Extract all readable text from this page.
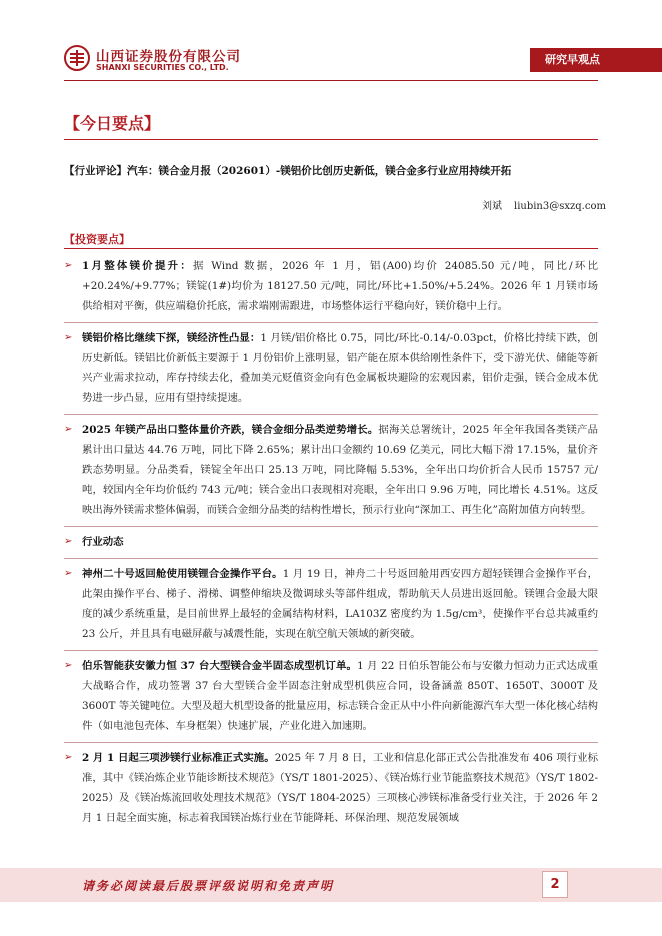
山西证券股份有限公司
SHANXI SECURITIES CO., LTD.
研究早观点
【今日要点】
【行业评论】汽车：镁合金月报（202601）-镁铝价比创历史新低，镁合金多行业应用持续开拓
刘斌 liubin3@sxzq.com
【投资要点】
➢ 1月整体镁价提升：据 Wind 数据，2026 年 1 月，铝(A00)均价 24085.50 元/吨，同比/环比+20.24%/+9.77%；镁锭(1#)均价为 18127.50 元/吨，同比/环比+1.50%/+5.24%。2026 年 1 月镁市场供给相对平衡，供应端稳价托底，需求端刚需跟进，市场整体运行平稳向好，镁价稳中上行。
➢ 镁铝价格比继续下探，镁经济性凸显：1 月镁/铝价格比 0.75，同比/环比-0.14/-0.03pct，价格比持续下跌，创历史新低。镁铝比价新低主要源于 1 月份铝价上涨明显，铝产能在原本供给刚性条件下，受下游光伏、储能等新兴产业需求拉动，库存持续去化，叠加美元贬值资金向有色金属板块避险的宏观因素，铝价走强，镁合金成本优势进一步凸显，应用有望持续提速。
➢ 2025 年镁产品出口整体量价齐跌，镁合金细分品类逆势增长。据海关总署统计，2025 年全年我国各类镁产品累计出口量达 44.76 万吨，同比下降 2.65%；累计出口金额约 10.69 亿美元，同比大幅下滑 17.15%，量价齐跌态势明显。分品类看，镁锭全年出口 25.13 万吨，同比降幅 5.53%，全年出口均价折合人民币 15757 元/吨，较国内全年均价低约 743 元/吨；镁合金出口表现相对亮眼，全年出口 9.96 万吨，同比增长 4.51%。这反映出海外镁需求整体偏弱，而镁合金细分品类的结构性增长，预示行业向“深加工、再生化”高附加值方向转型。
➢ 行业动态
➢ 神州二十号返回舱使用镁锂合金操作平台。1 月 19 日，神舟二十号返回舱用西安四方超轻镁锂合金操作平台，此架由操作平台、梯子、滑梯、调整伸缩块及微调球头等部件组成，帮助航天人员进出返回舱。镁锂合金最大限度的减少系统重量，是目前世界上最轻的金属结构材料，LA103Z 密度约为 1.5g/cm³，使操作平台总共减重约 23 公斤，并且具有电磁屏蔽与减震性能，实现在航空航天领域的新突破。
➢ 伯乐智能获安徽力恒 37 台大型镁合金半固态成型机订单。1 月 22 日伯乐智能公布与安徽力恒动力正式达成重大战略合作，成功签署 37 台大型镁合金半固态注射成型机供应合同，设备涵盖 850T、1650T、3000T 及 3600T 等关键吨位。大型及超大机型设备的批量应用，标志镁合金正从中小件向新能源汽车大型一体化核心结构件（如电池包壳体、车身框架）快速扩展，产业化进入加速期。
➢ 2 月 1 日起三项涉镁行业标准正式实施。2025 年 7 月 8 日，工业和信息化部正式公告批准发布 406 项行业标准，其中《镁冶炼企业节能诊断技术规范》（YS/T 1801-2025）、《镁冶炼行业节能监察技术规范》（YS/T 1802-2025）及《镁冶炼流回收处理技术规范》（YS/T 1804-2025）三项核心涉镁标准备受行业关注，于 2026 年 2 月 1 日起全面实施，标志着我国镁冶炼行业在节能降耗、环保治理、规范发展领域
请务必阅读最后股票评级说明和免责声明	2
